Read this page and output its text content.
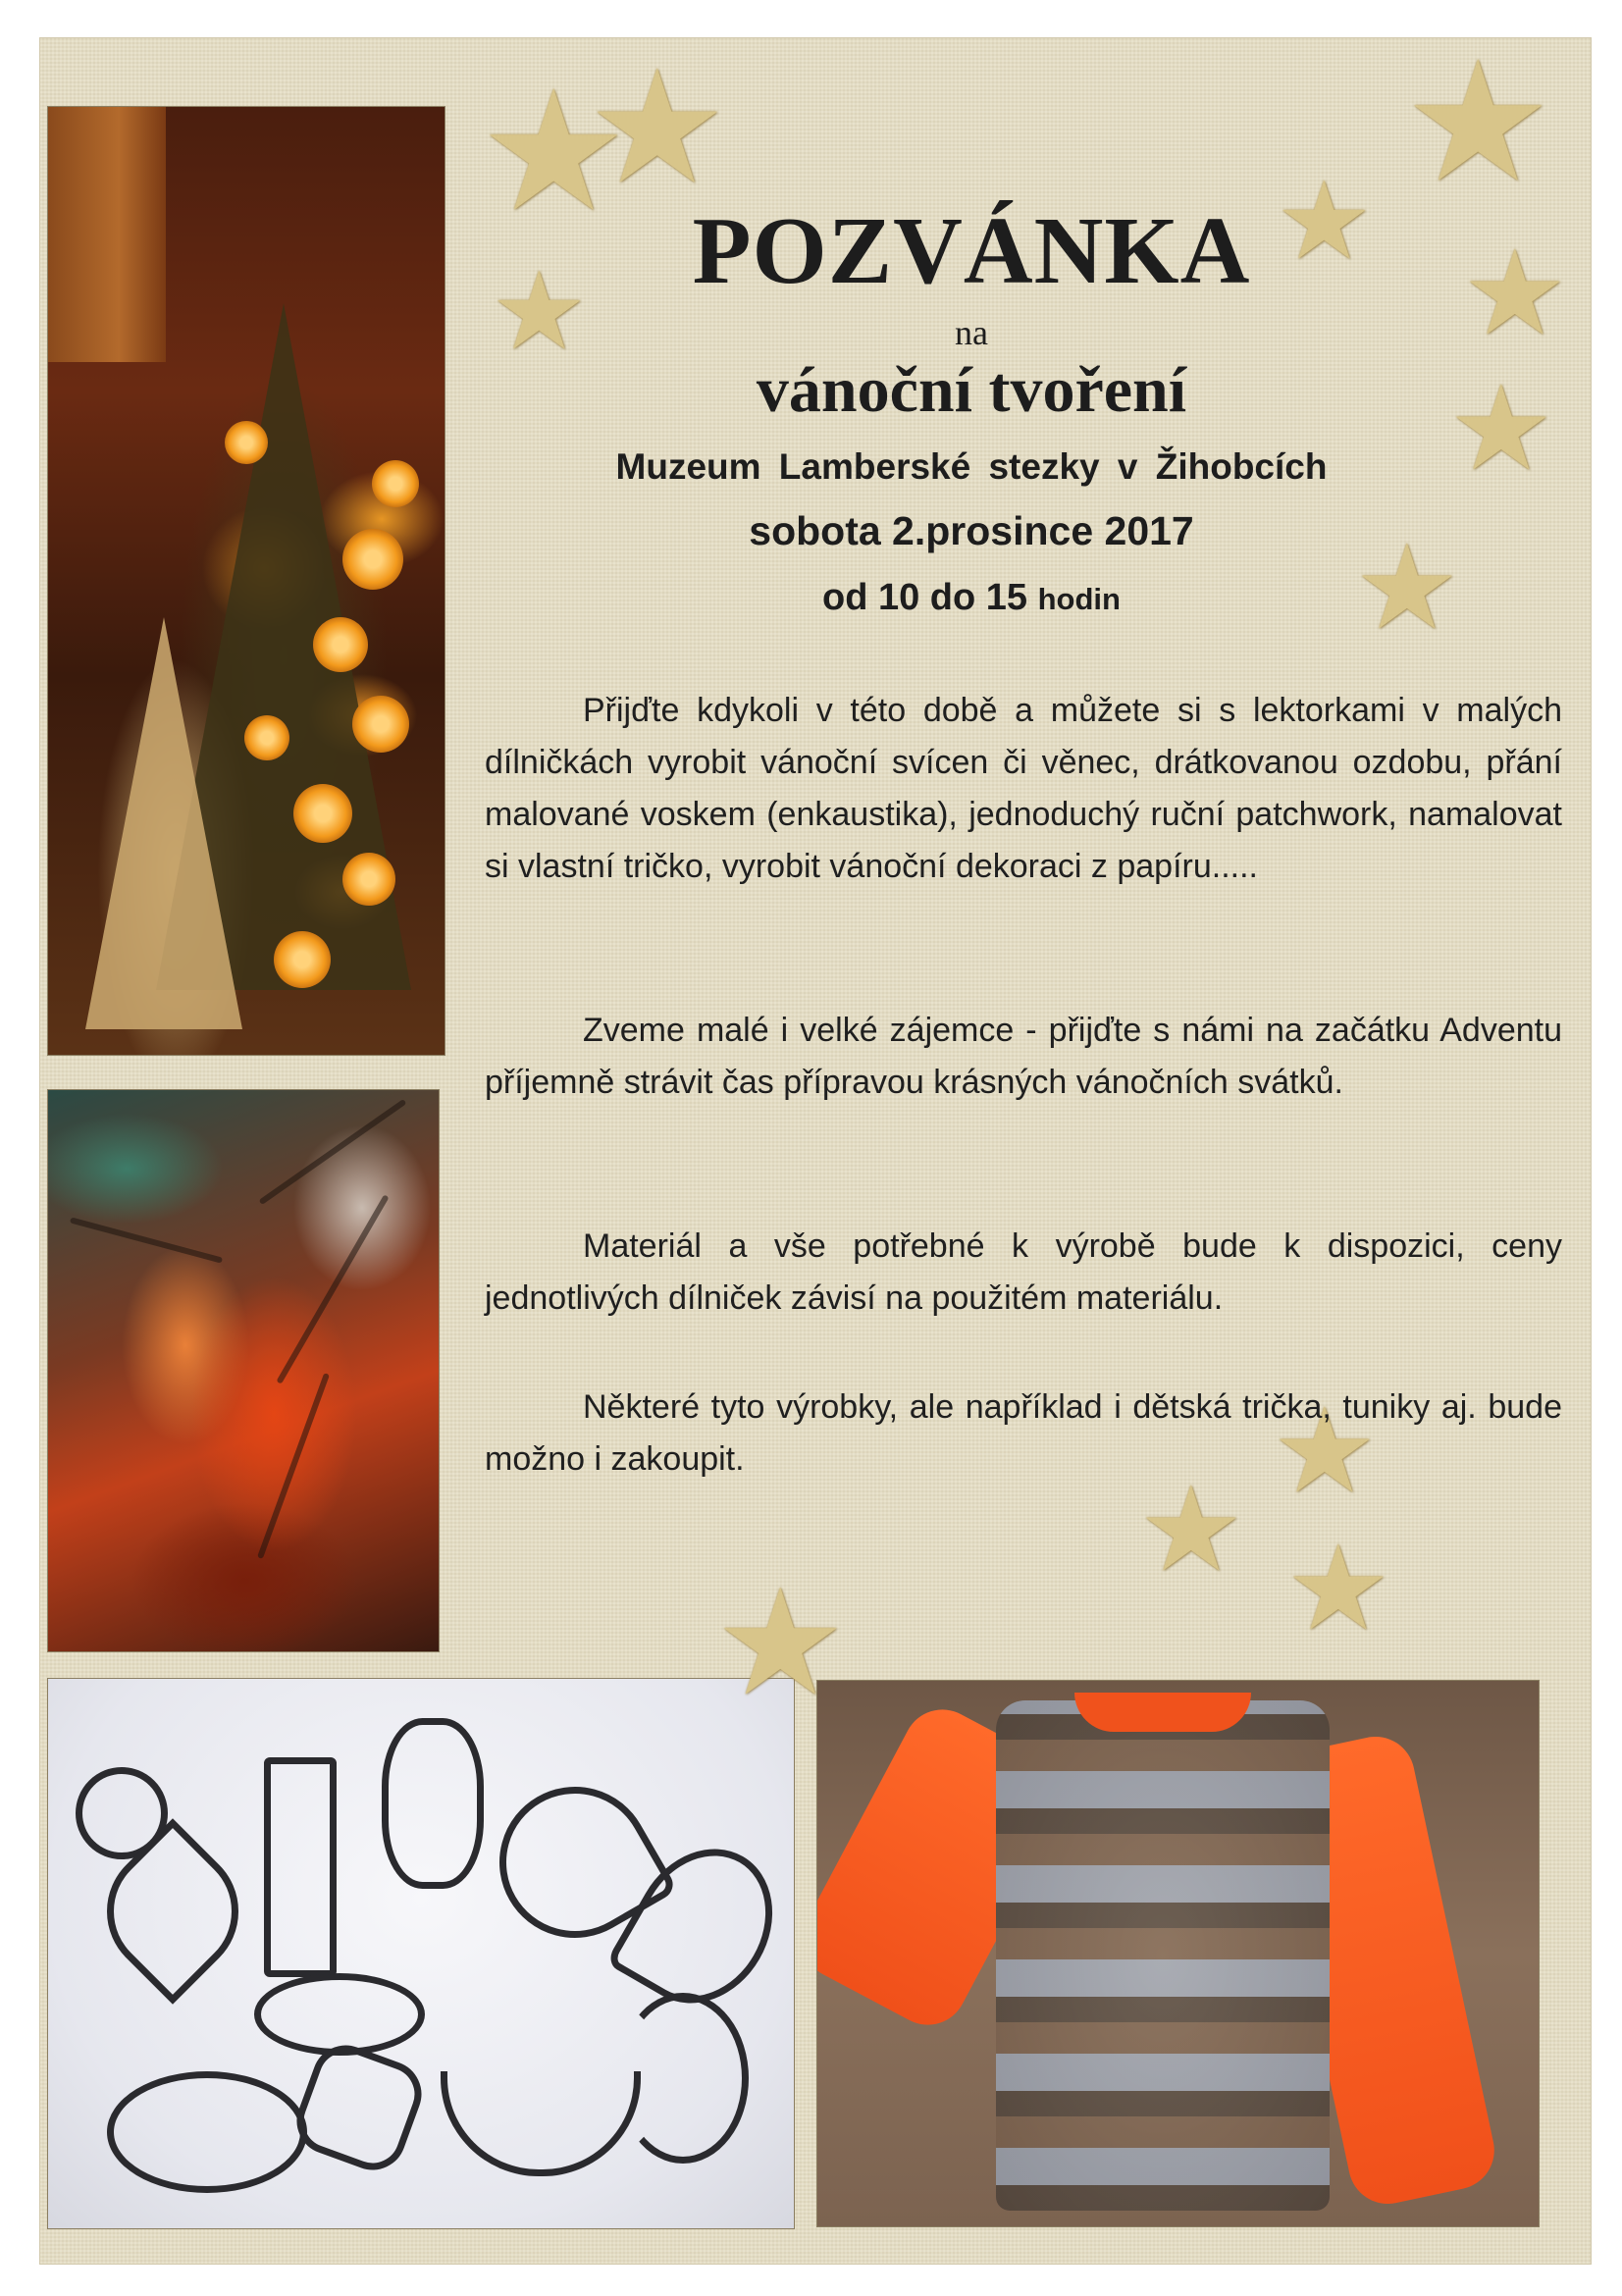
★
★
★
★
★
★
★
★
★
★ ★
★
POZVÁNKA
na
vánoční tvoření
Muzeum Lamberské stezky v Žihobcích
sobota 2.prosince 2017
od 10 do 15 hodin

Přijďte kdykoli v této době a můžete si s lektorkami v malých dílničkách vyrobit vánoční svícen či věnec, drátkovanou ozdobu, přání malované voskem (enkaustika), jednoduchý ruční patchwork, namalovat si vlastní tričko, vyrobit vánoční dekoraci z papíru.....

Zveme malé i velké zájemce - přijďte s námi na začátku Adventu příjemně strávit čas přípravou krásných vánočních svátků.

Materiál a vše potřebné k výrobě bude k dispozici, ceny jednotlivých dílniček závisí na použitém materiálu.

Některé tyto výrobky, ale například i dětská trička, tuniky aj. bude možno i zakoupit.
